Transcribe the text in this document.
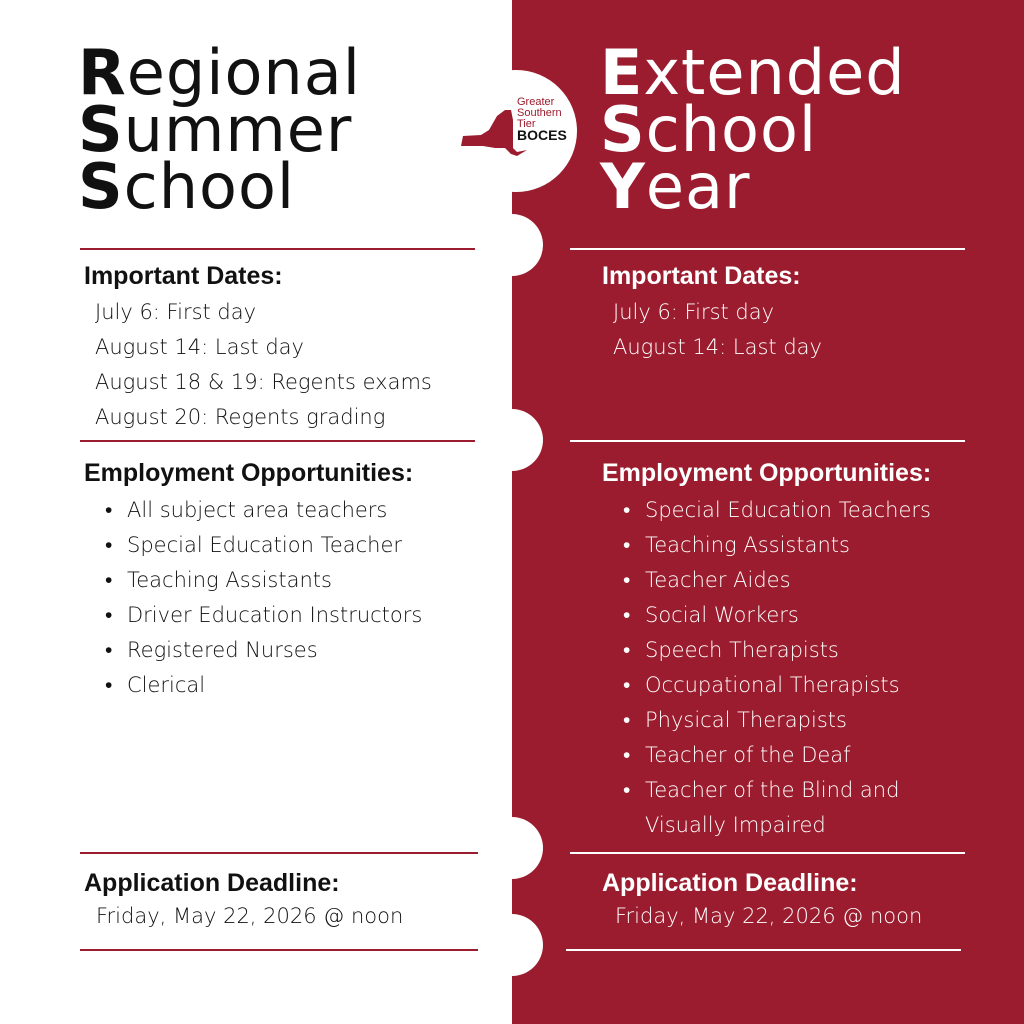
Greater
Southern
Tier
BOCES
Regional
Summer
School
Important Dates:
July 6: First day
August 14: Last day
August 18 & 19: Regents exams
August 20: Regents grading
Employment Opportunities:
• All subject area teachers
• Special Education Teacher
• Teaching Assistants
• Driver Education Instructors
• Registered Nurses
• Clerical
Application Deadline:
Friday, May 22, 2026 @ noon
Extended
School
Year
Important Dates:
July 6: First day
August 14: Last day
Employment Opportunities:
• Special Education Teachers
• Teaching Assistants
• Teacher Aides
• Social Workers
• Speech Therapists
• Occupational Therapists
• Physical Therapists
• Teacher of the Deaf
• Teacher of the Blind and Visually Impaired
Application Deadline:
Friday, May 22, 2026 @ noon
